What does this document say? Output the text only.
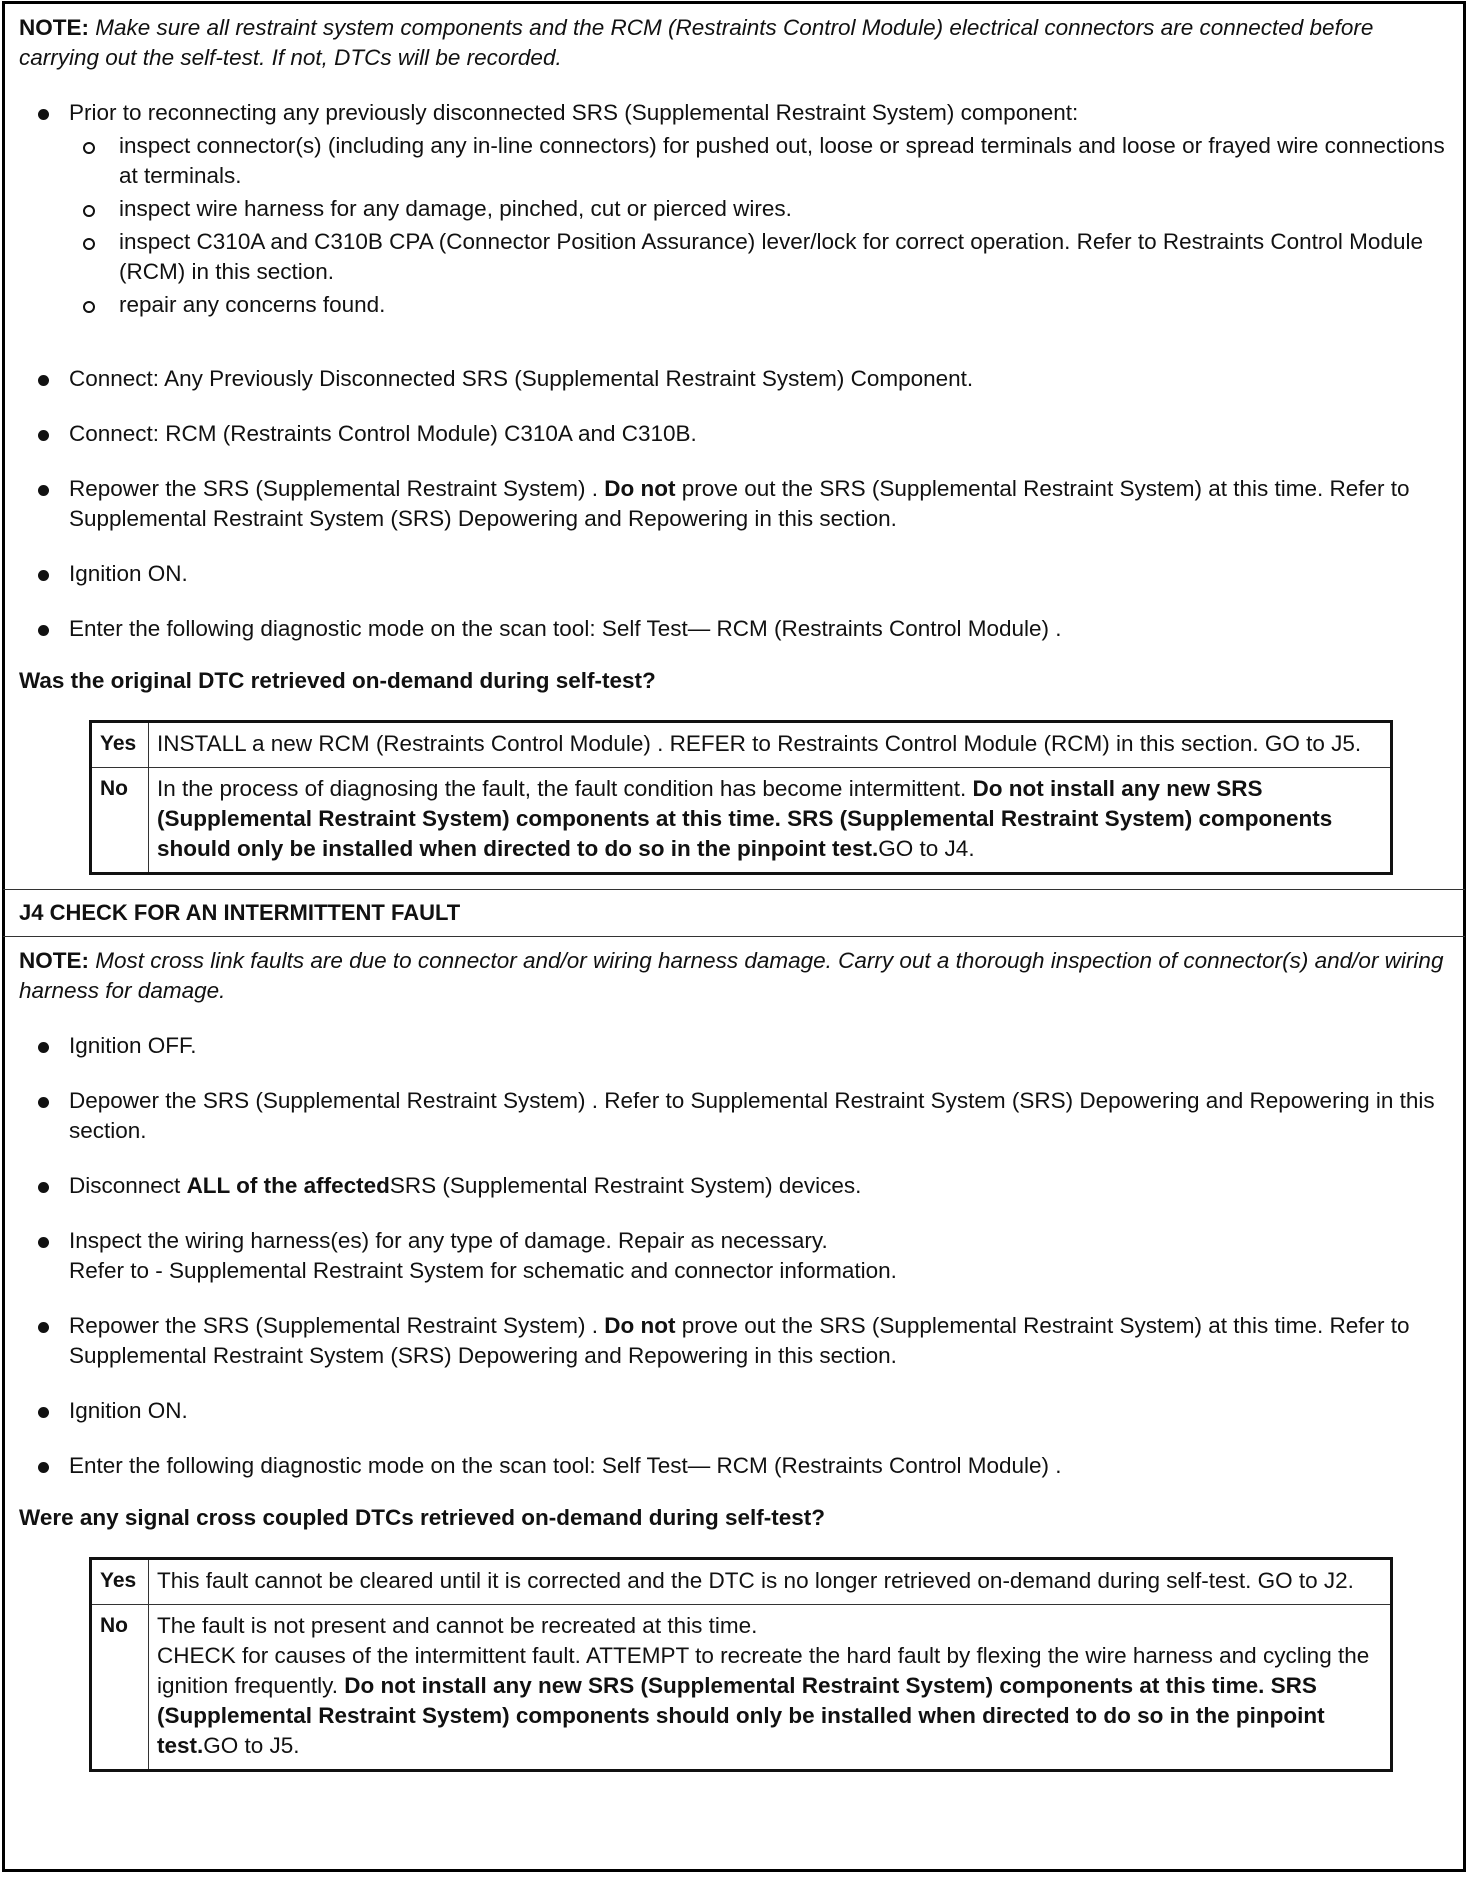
NOTE: Make sure all restraint system components and the RCM (Restraints Control Module) electrical connectors are connected before carrying out the self-test. If not, DTCs will be recorded.
Prior to reconnecting any previously disconnected SRS (Supplemental Restraint System) component:
inspect connector(s) (including any in-line connectors) for pushed out, loose or spread terminals and loose or frayed wire connections at terminals.
inspect wire harness for any damage, pinched, cut or pierced wires.
inspect C310A and C310B CPA (Connector Position Assurance) lever/lock for correct operation. Refer to Restraints Control Module (RCM) in this section.
repair any concerns found.
Connect: Any Previously Disconnected SRS (Supplemental Restraint System) Component.
Connect: RCM (Restraints Control Module) C310A and C310B.
Repower the SRS (Supplemental Restraint System) . Do not prove out the SRS (Supplemental Restraint System) at this time. Refer to Supplemental Restraint System (SRS) Depowering and Repowering in this section.
Ignition ON.
Enter the following diagnostic mode on the scan tool: Self Test— RCM (Restraints Control Module) .
Was the original DTC retrieved on-demand during self-test?
Yes	INSTALL a new RCM (Restraints Control Module) . REFER to Restraints Control Module (RCM) in this section. GO to J5.
No	In the process of diagnosing the fault, the fault condition has become intermittent. Do not install any new SRS (Supplemental Restraint System) components at this time. SRS (Supplemental Restraint System) components should only be installed when directed to do so in the pinpoint test.GO to J4.
J4 CHECK FOR AN INTERMITTENT FAULT
NOTE: Most cross link faults are due to connector and/or wiring harness damage. Carry out a thorough inspection of connector(s) and/or wiring harness for damage.
Ignition OFF.
Depower the SRS (Supplemental Restraint System) . Refer to Supplemental Restraint System (SRS) Depowering and Repowering in this section.
Disconnect ALL of the affectedSRS (Supplemental Restraint System) devices.
Inspect the wiring harness(es) for any type of damage. Repair as necessary.
Refer to - Supplemental Restraint System for schematic and connector information.
Repower the SRS (Supplemental Restraint System) . Do not prove out the SRS (Supplemental Restraint System) at this time. Refer to Supplemental Restraint System (SRS) Depowering and Repowering in this section.
Ignition ON.
Enter the following diagnostic mode on the scan tool: Self Test— RCM (Restraints Control Module) .
Were any signal cross coupled DTCs retrieved on-demand during self-test?
Yes	This fault cannot be cleared until it is corrected and the DTC is no longer retrieved on-demand during self-test. GO to J2.
No	The fault is not present and cannot be recreated at this time.
CHECK for causes of the intermittent fault. ATTEMPT to recreate the hard fault by flexing the wire harness and cycling the ignition frequently. Do not install any new SRS (Supplemental Restraint System) components at this time. SRS (Supplemental Restraint System) components should only be installed when directed to do so in the pinpoint test.GO to J5.
